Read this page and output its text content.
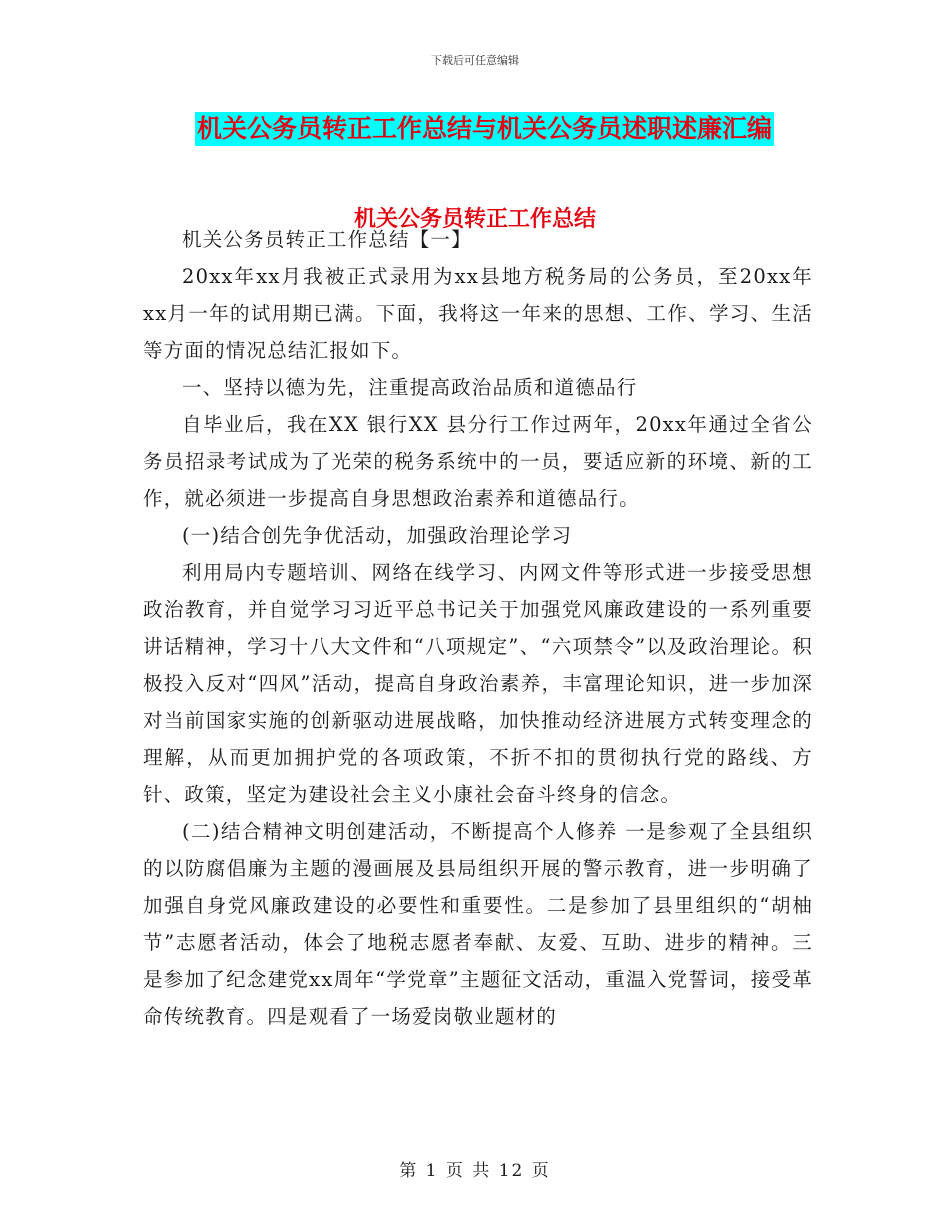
下载后可任意编辑
机关公务员转正工作总结与机关公务员述职述廉汇编
机关公务员转正工作总结

机关公务员转正工作总结【一】

20xx年xx月我被正式录用为xx县地方税务局的公务员，至20xx年xx月一年的试用期已满。下面，我将这一年来的思想、工作、学习、生活等方面的情况总结汇报如下。

一、坚持以德为先，注重提高政治品质和道德品行

自毕业后，我在XX 银行XX 县分行工作过两年，20xx年通过全省公务员招录考试成为了光荣的税务系统中的一员，要适应新的环境、新的工作，就必须进一步提高自身思想政治素养和道德品行。

(一)结合创先争优活动，加强政治理论学习

利用局内专题培训、网络在线学习、内网文件等形式进一步接受思想政治教育，并自觉学习习近平总书记关于加强党风廉政建设的一系列重要讲话精神，学习十八大文件和“八项规定”、“六项禁令”以及政治理论。积极投入反对“四风”活动，提高自身政治素养，丰富理论知识，进一步加深对当前国家实施的创新驱动进展战略，加快推动经济进展方式转变理念的理解，从而更加拥护党的各项政策，不折不扣的贯彻执行党的路线、方针、政策，坚定为建设社会主义小康社会奋斗终身的信念。

(二)结合精神文明创建活动，不断提高个人修养 一是参观了全县组织的以防腐倡廉为主题的漫画展及县局组织开展的警示教育，进一步明确了加强自身党风廉政建设的必要性和重要性。二是参加了县里组织的“胡柚节”志愿者活动，体会了地税志愿者奉献、友爱、互助、进步的精神。三是参加了纪念建党xx周年“学党章”主题征文活动，重温入党誓词，接受革命传统教育。四是观看了一场爱岗敬业题材的

第 1 页 共 12 页
